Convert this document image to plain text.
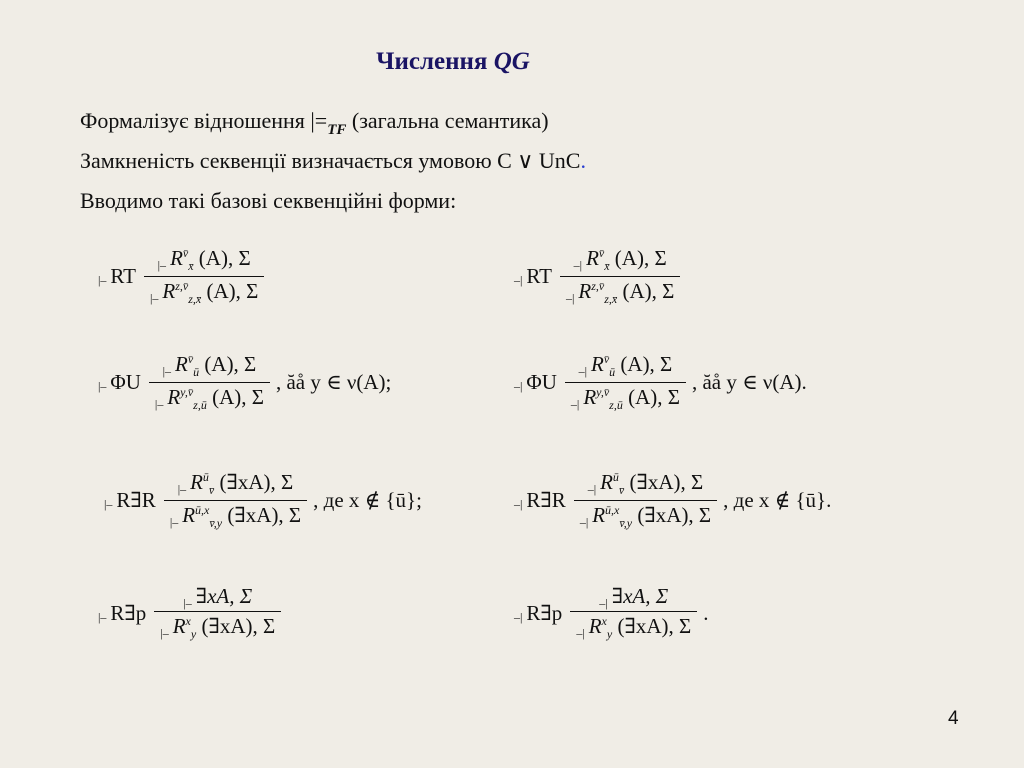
Числення QG
Формалізує відношення $|=_{TF}$ (загальна семантика)
Замкненість секвенції визначається умовою C ∨ UnC.
Вводимо такі базові секвенційні форми:
|– RT $\frac{|- R^{v̄}_{x̄} (A), \Sigma}{|- R^{z,v̄}_{z,x̄} (A), \Sigma}$	–| RT $\frac{-| R^{v̄}_{x̄} (A), \Sigma}{-| R^{z,v̄}_{z,x̄} (A), \Sigma}$
|– ΦU $\frac{|- R^{v̄}_ū (A), \Sigma}{|- R^{y,v̄}_{z,ū} (A), \Sigma}$ , ăå y ∈ ν(A);	–| ΦU $\frac{-| R^{v̄}_ū (A), \Sigma}{-| R^{y,v̄}_{z,ū} (A), \Sigma}$ , ăå y ∈ ν(A).
|– R∃R $\frac{|- R^ū_{v̄} (\exists xA), \Sigma}{|- R^{ū,x}_{v̄,y} (\exists xA), \Sigma}$ , де x ∉ {ū};	–| R∃R $\frac{-| R^ū_{v̄} (\exists xA), \Sigma}{-| R^{ū,x}_{v̄,y} (\exists xA), \Sigma}$ , де x ∉ {ū}.
|– R∃p $\frac{|- \exists xA, \Sigma}{|- R^x_y (\exists xA), \Sigma}$	–| R∃p $\frac{-| \exists xA, \Sigma}{-| R^x_y (\exists xA), \Sigma}$ .
4
